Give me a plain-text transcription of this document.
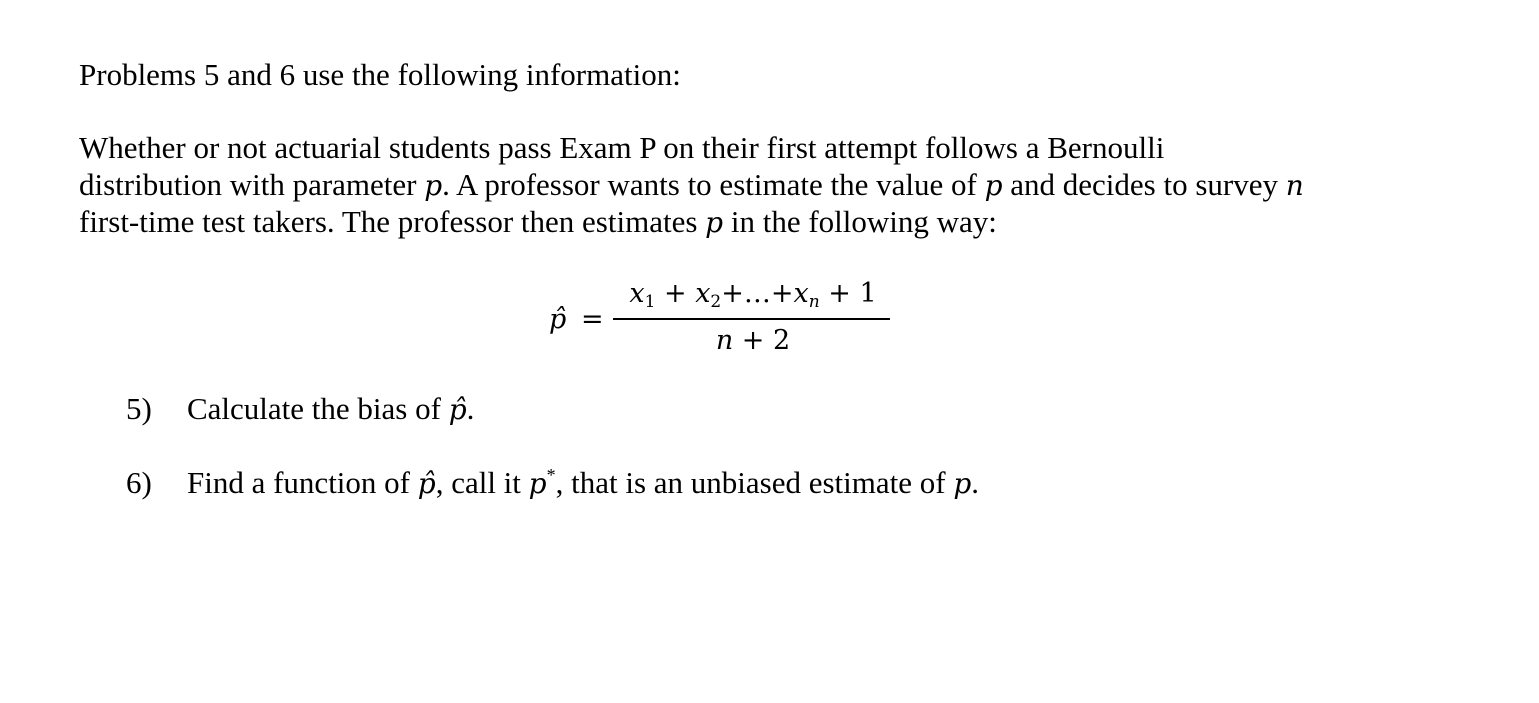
Problems 5 and 6 use the following information:
Whether or not actuarial students pass Exam P on their first attempt follows a Bernoulli
distribution with parameter p. A professor wants to estimate the value of p and decides to survey n
first-time test takers. The professor then estimates p in the following way:
p̂ =
$x_1$ + $x_2+\dots+x_n + 1$
n + 2
5) Calculate the bias of p̂.
6) Find a function of p̂, call it p*, that is an unbiased estimate of p.
